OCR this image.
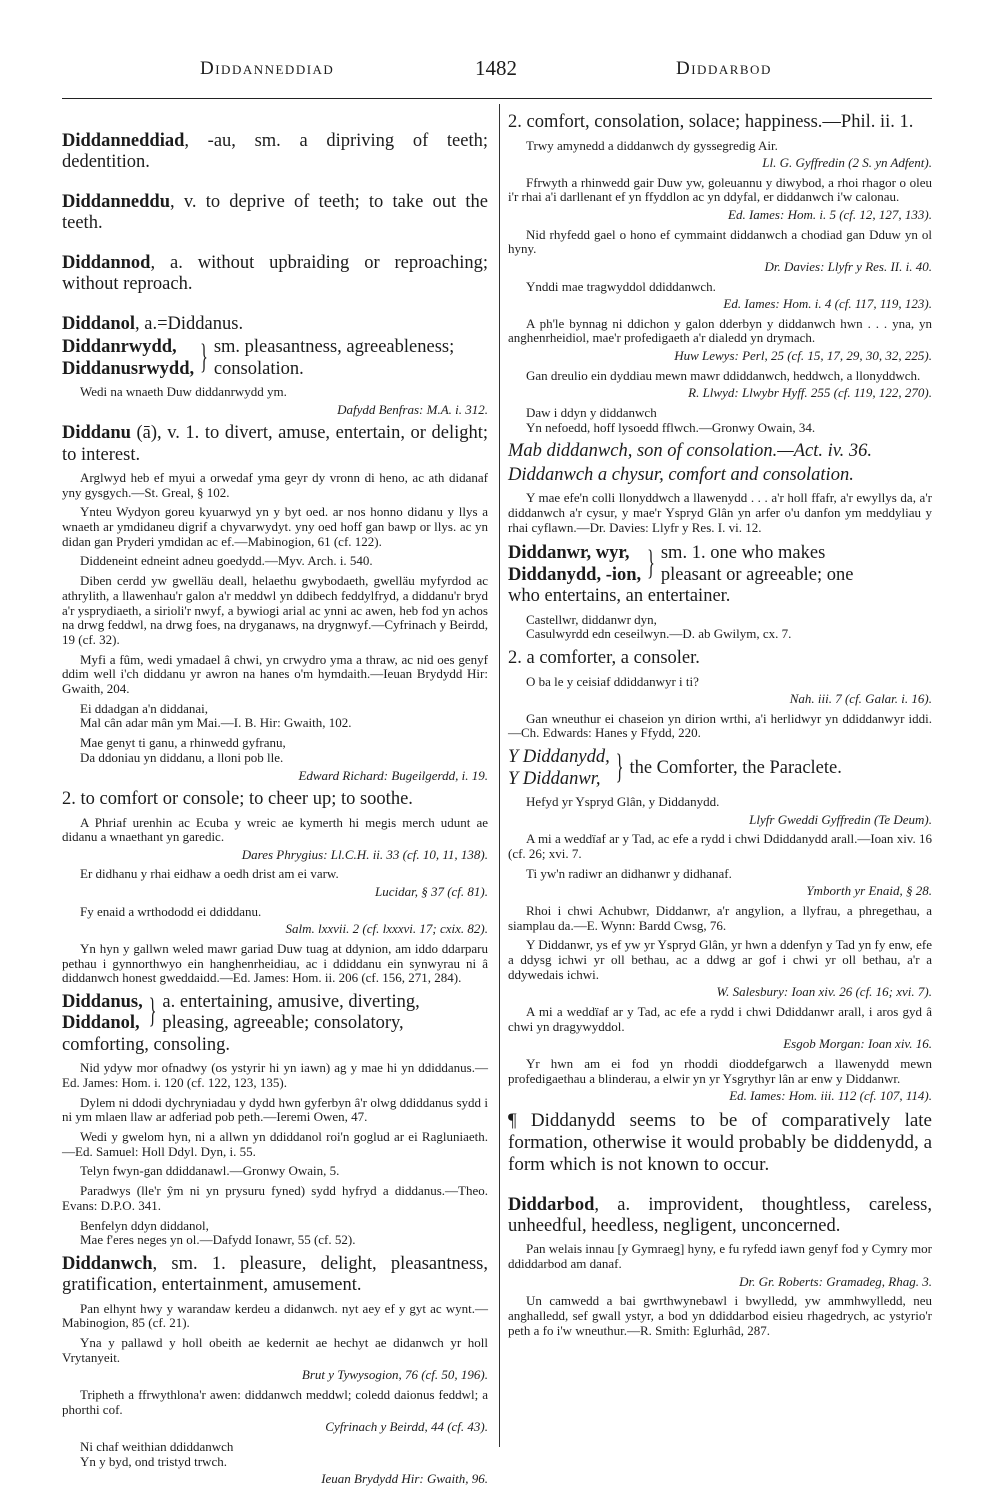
Diddanneddiad	1482	Diddarbod

Diddanneddiad, -au, sm. a dipriving of teeth; dedentition.

Diddanneddu, v. to deprive of teeth; to take out the teeth.

Diddannod, a. without upbraiding or reproaching; without reproach.

Diddanol, a.=Diddanus.

Diddanrwydd,
Diddanusrwydd, } sm. pleasantness, agreeableness; consolation.

Wedi na wnaeth Duw diddanrwydd ym.

Dafydd Benfras: M.A. i. 312.

Diddanu (ā), v. 1. to divert, amuse, entertain, or delight; to interest.

Arglwyd heb ef myui a orwedaf yma geyr dy vronn di heno, ac ath didanaf yny gysgych.—St. Greal, § 102.

Ynteu Wydyon goreu kyuarwyd yn y byt oed. ar nos honno didanu y llys a wnaeth ar ymdidaneu digrif a chyvarwydyt. yny oed hoff gan bawp or llys. ac yn didan gan Pryderi ymdidan ac ef.—Mabinogion, 61 (cf. 122).

Diddeneint edneint adneu goedydd.—Myv. Arch. i. 540.

Diben cerdd yw gwelläu deall, helaethu gwybodaeth, gwelläu myfyrdod ac athrylith, a llawenhau'r galon a'r meddwl yn ddibech feddylfryd, a diddanu'r bryd a'r ysprydiaeth, a sirioli'r nwyf, a bywiogi arial ac ynni ac awen, heb fod yn achos na drwg feddwl, na drwg foes, na dryganaws, na drygnwyf.—Cyfrinach y Beirdd, 19 (cf. 32).

Myfi a fûm, wedi ymadael â chwi, yn crwydro yma a thraw, ac nid oes genyf ddim well i'ch diddanu yr awron na hanes o'm hymdaith.—Ieuan Brydydd Hir: Gwaith, 204.

Ei ddadgan a'n diddanai,
Mal cân adar mân ym Mai.—I. B. Hir: Gwaith, 102.
Mae genyt ti ganu, a rhinwedd gyfranu,
Da ddoniau yn diddanu, a lloni pob lle.
Edward Richard: Bugeilgerdd, i. 19.

2. to comfort or console; to cheer up; to soothe.

A Phriaf urenhin ac Ecuba y wreic ae kymerth hi megis merch udunt ae didanu a wnaethant yn garedic.

Dares Phrygius: Ll.C.H. ii. 33 (cf. 10, 11, 138).

Er didhanu y rhai eidhaw a oedh drist am ei varw.

Lucidar, § 37 (cf. 81).

Fy enaid a wrthododd ei ddiddanu.

Salm. lxxvii. 2 (cf. lxxxvi. 17; cxix. 82).

Yn hyn y gallwn weled mawr gariad Duw tuag at ddynion, am iddo ddarparu pethau i gynnorthwyo ein hanghenrheidiau, ac i ddiddanu ein synwyrau ni â diddanwch honest gweddaidd.—Ed. James: Hom. ii. 206 (cf. 156, 271, 284).

Diddanus,
Diddanol, } a. entertaining, amusive, diverting,
pleasing, agreeable; consolatory,
comforting, consoling.

Nid ydyw mor ofnadwy (os ystyrir hi yn iawn) ag y mae hi yn ddiddanus.—Ed. James: Hom. i. 120 (cf. 122, 123, 135).

Dylem ni ddodi dychryniadau y dydd hwn gyferbyn â'r olwg ddiddanus sydd i ni ym mlaen llaw ar adferiad pob peth.—Ieremi Owen, 47.

Wedi y gwelom hyn, ni a allwn yn ddiddanol roi'n goglud ar ei Ragluniaeth.—Ed. Samuel: Holl Ddyl. Dyn, i. 55.

Telyn fwyn-gan ddiddanawl.—Gronwy Owain, 5.

Paradwys (lle'r ŷm ni yn prysuru fyned) sydd hyfryd a diddanus.—Theo. Evans: D.P.O. 341.

Benfelyn ddyn diddanol,
Mae f'eres neges yn ol.—Dafydd Ionawr, 55 (cf. 52).

Diddanwch, sm. 1. pleasure, delight, pleasantness, gratification, entertainment, amusement.

Pan elhynt hwy y warandaw kerdeu a didanwch. nyt aey ef y gyt ac wynt.—Mabinogion, 85 (cf. 21).

Yna y pallawd y holl obeith ae kedernit ae hechyt ae didanwch yr holl Vrytanyeit.

Brut y Tywysogion, 76 (cf. 50, 196).

Tripheth a ffrwythlona'r awen: diddanwch meddwl; coledd daionus feddwl; a phorthi cof.

Cyfrinach y Beirdd, 44 (cf. 43).
Ni chaf weithian ddiddanwch
Yn y byd, ond tristyd trwch.
Ieuan Brydydd Hir: Gwaith, 96.

2. comfort, consolation, solace; happiness.—Phil. ii. 1.

Trwy amynedd a diddanwch dy gyssegredig Air.

Ll. G. Gyffredin (2 S. yn Adfent).

Ffrwyth a rhinwedd gair Duw yw, goleuannu y diwybod, a rhoi rhagor o oleu i'r rhai a'i darllenant ef yn ffyddlon ac yn ddyfal, er diddanwch i'w calonau.

Ed. Iames: Hom. i. 5 (cf. 12, 127, 133).

Nid rhyfedd gael o hono ef cymmaint diddanwch a chodiad gan Dduw yn ol hyny.

Dr. Davies: Llyfr y Res. II. i. 40.

Ynddi mae tragwyddol ddiddanwch.

Ed. Iames: Hom. i. 4 (cf. 117, 119, 123).

A ph'le bynnag ni ddichon y galon dderbyn y diddanwch hwn . . . yna, yn anghenrheidiol, mae'r profedigaeth a'r dialedd yn drymach.

Huw Lewys: Perl, 25 (cf. 15, 17, 29, 30, 32, 225).

Gan dreulio ein dyddiau mewn mawr ddiddanwch, heddwch, a llonyddwch.

R. Llwyd: Llwybr Hyff. 255 (cf. 119, 122, 270).
Daw i ddyn y diddanwch
Yn nefoedd, hoff lysoedd fflwch.—Gronwy Owain, 34.

Mab diddanwch, son of consolation.—Act. iv. 36.

Diddanwch a chysur, comfort and consolation.

Y mae efe'n colli llonyddwch a llawenydd . . . a'r holl ffafr, a'r ewyllys da, a'r diddanwch a'r cysur, y mae'r Yspryd Glân yn arfer o'u danfon ym meddyliau y rhai cyflawn.—Dr. Davies: Llyfr y Res. I. vi. 12.

Diddanwr, wyr,
Diddanydd, -ion, } sm. 1. one who makes
pleasant or agreeable; one
who entertains, an entertainer.
Castellwr, diddanwr dyn,
Casulwyrdd edn ceseilwyn.—D. ab Gwilym, cx. 7.

2. a comforter, a consoler.

O ba le y ceisiaf ddiddanwyr i ti?

Nah. iii. 7 (cf. Galar. i. 16).

Gan wneuthur ei chaseion yn dirion wrthi, a'i herlidwyr yn ddiddanwyr iddi.—Ch. Edwards: Hanes y Ffydd, 220.

Y Diddanydd,
Y Diddanwr, } the Comforter, the Paraclete.

Hefyd yr Yspryd Glân, y Diddanydd.

Llyfr Gweddi Gyffredin (Te Deum).

A mi a weddïaf ar y Tad, ac efe a rydd i chwi Ddiddanydd arall.—Ioan xiv. 16 (cf. 26; xvi. 7.

Ti yw'n radiwr an didhanwr y didhanaf.

Ymborth yr Enaid, § 28.

Rhoi i chwi Achubwr, Diddanwr, a'r angylion, a llyfrau, a phregethau, a siamplau da.—E. Wynn: Bardd Cwsg, 76.

Y Diddanwr, ys ef yw yr Yspryd Glân, yr hwn a ddenfyn y Tad yn fy enw, efe a ddysg ichwi yr oll bethau, ac a ddwg ar gof i chwi yr oll bethau, a'r a ddywedais ichwi.

W. Salesbury: Ioan xiv. 26 (cf. 16; xvi. 7).

A mi a weddïaf ar y Tad, ac efe a rydd i chwi Ddiddanwr arall, i aros gyd â chwi yn dragywyddol.

Esgob Morgan: Ioan xiv. 16.

Yr hwn am ei fod yn rhoddi dioddefgarwch a llawenydd mewn profedigaethau a blinderau, a elwir yn yr Ysgrythyr lân ar enw y Diddanwr.

Ed. Iames: Hom. iii. 112 (cf. 107, 114).

¶ Diddanydd seems to be of comparatively late formation, otherwise it would probably be diddenydd, a form which is not known to occur.

Diddarbod, a. improvident, thoughtless, careless, unheedful, heedless, negligent, unconcerned.

Pan welais innau [y Gymraeg] hyny, e fu ryfedd iawn genyf fod y Cymry mor ddiddarbod am danaf.

Dr. Gr. Roberts: Gramadeg, Rhag. 3.

Un camwedd a bai gwrthwynebawl i bwylledd, yw ammhwylledd, neu anghalledd, sef gwall ystyr, a bod yn ddiddarbod eisieu rhagedrych, ac ystyrio'r peth a fo i'w wneuthur.—R. Smith: Eglurhâd, 287.
